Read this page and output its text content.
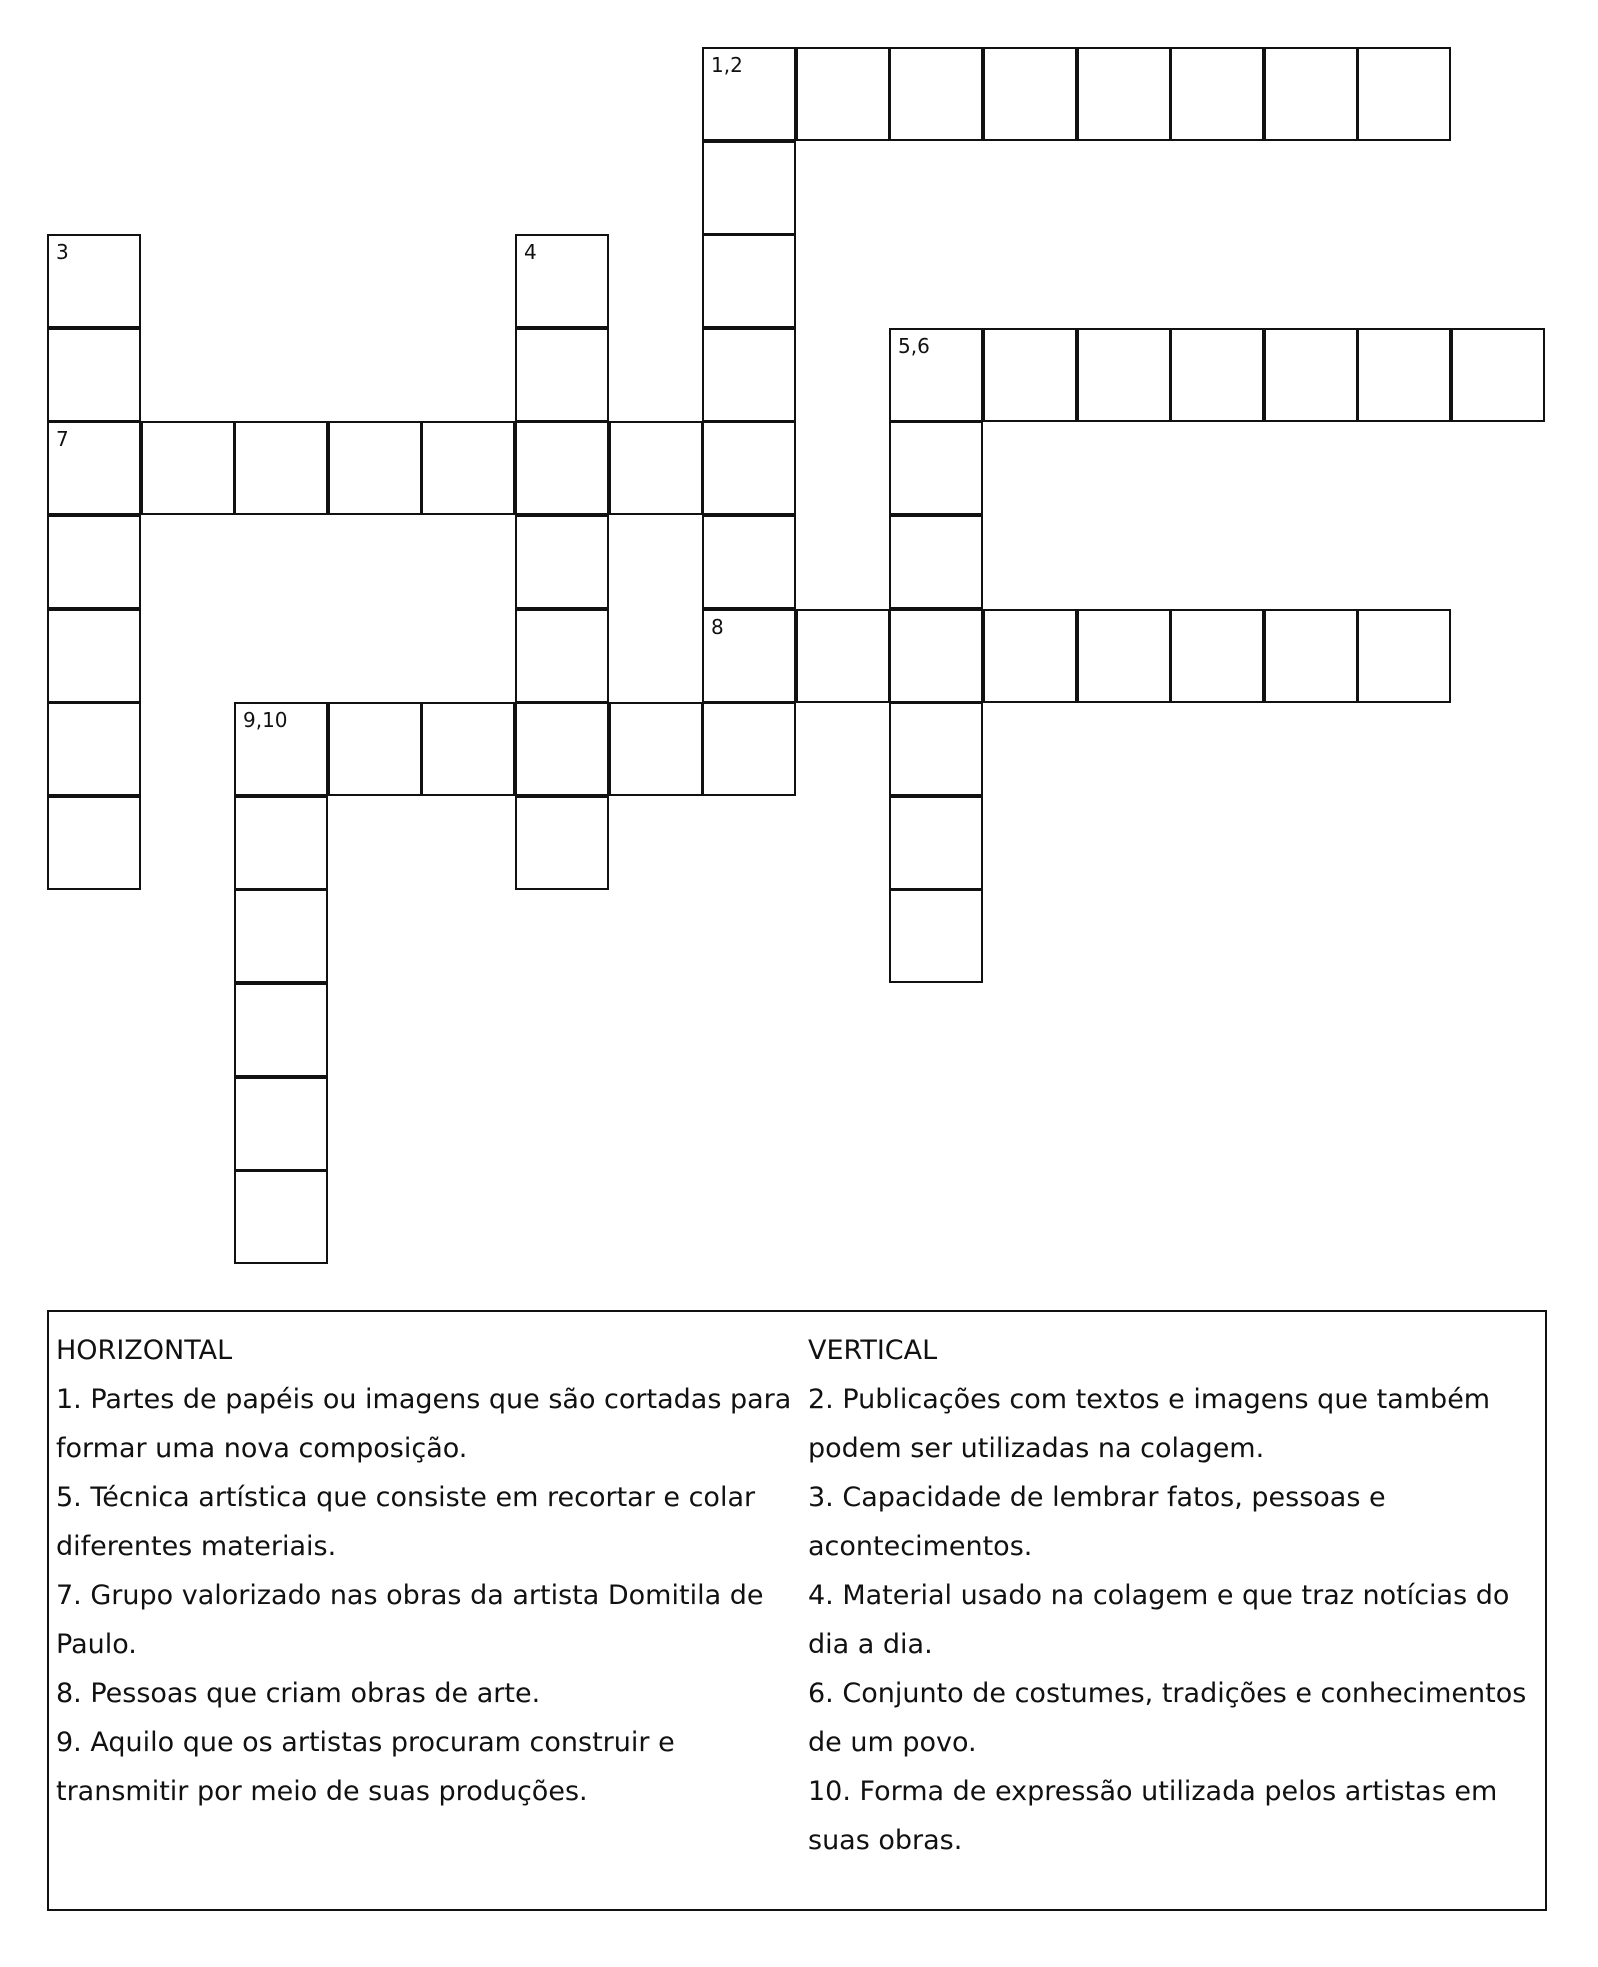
1,2
3	4
5,6
7
8
9,10
HORIZONTAL
1. Partes de papéis ou imagens que são cortadas para
formar uma nova composição.
5. Técnica artística que consiste em recortar e colar
diferentes materiais.
7. Grupo valorizado nas obras da artista Domitila de
Paulo.
8. Pessoas que criam obras de arte.
9. Aquilo que os artistas procuram construir e
transmitir por meio de suas produções.
VERTICAL
2. Publicações com textos e imagens que também
podem ser utilizadas na colagem.
3. Capacidade de lembrar fatos, pessoas e
acontecimentos.
4. Material usado na colagem e que traz notícias do
dia a dia.
6. Conjunto de costumes, tradições e conhecimentos
de um povo.
10. Forma de expressão utilizada pelos artistas em
suas obras.
